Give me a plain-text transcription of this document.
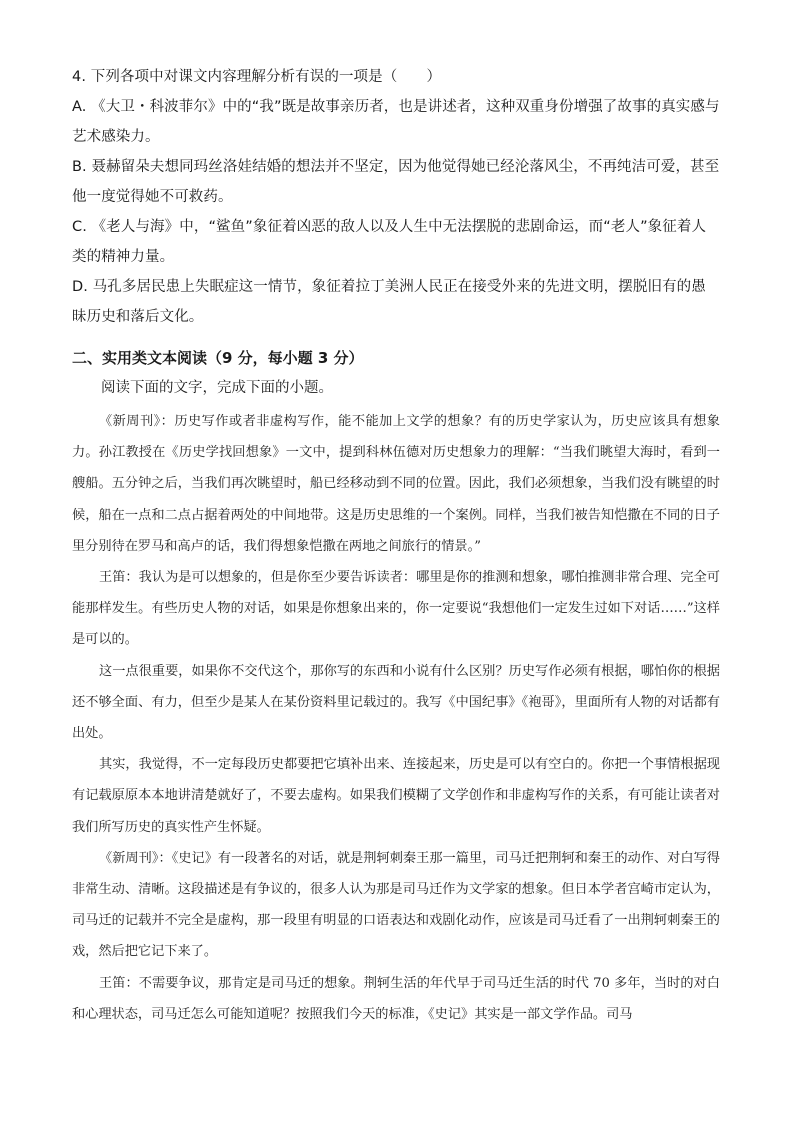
4. 下列各项中对课文内容理解分析有误的一项是（　　）
A. 《大卫・科波菲尔》中的“我”既是故事亲历者，也是讲述者，这种双重身份增强了故事的真实感与艺术感染力。
B. 聂赫留朵夫想同玛丝洛娃结婚的想法并不坚定，因为他觉得她已经沦落风尘，不再纯洁可爱，甚至他一度觉得她不可救药。
C. 《老人与海》中，“鲨鱼”象征着凶恶的敌人以及人生中无法摆脱的悲剧命运，而“老人”象征着人类的精神力量。
D. 马孔多居民患上失眠症这一情节，象征着拉丁美洲人民正在接受外来的先进文明，摆脱旧有的愚昧历史和落后文化。
二、实用类文本阅读（9 分，每小题 3 分）
阅读下面的文字，完成下面的小题。

《新周刊》：历史写作或者非虚构写作，能不能加上文学的想象？有的历史学家认为，历史应该具有想象力。孙江教授在《历史学找回想象》一文中，提到科林伍德对历史想象力的理解：“当我们眺望大海时，看到一艘船。五分钟之后，当我们再次眺望时，船已经移动到不同的位置。因此，我们必须想象，当我们没有眺望的时候，船在一点和二点占据着两处的中间地带。这是历史思维的一个案例。同样，当我们被告知恺撒在不同的日子里分别待在罗马和高卢的话，我们得想象恺撒在两地之间旅行的情景。”

王笛：我认为是可以想象的，但是你至少要告诉读者：哪里是你的推测和想象，哪怕推测非常合理、完全可能那样发生。有些历史人物的对话，如果是你想象出来的，你一定要说“我想他们一定发生过如下对话……”这样是可以的。

这一点很重要，如果你不交代这个，那你写的东西和小说有什么区别？历史写作必须有根据，哪怕你的根据还不够全面、有力，但至少是某人在某份资料里记载过的。我写《中国纪事》《袍哥》，里面所有人物的对话都有出处。

其实，我觉得，不一定每段历史都要把它填补出来、连接起来，历史是可以有空白的。你把一个事情根据现有记载原原本本地讲清楚就好了，不要去虚构。如果我们模糊了文学创作和非虚构写作的关系，有可能让读者对我们所写历史的真实性产生怀疑。

《新周刊》：《史记》有一段著名的对话，就是荆轲刺秦王那一篇里，司马迁把荆轲和秦王的动作、对白写得非常生动、清晰。这段描述是有争议的，很多人认为那是司马迁作为文学家的想象。但日本学者宫崎市定认为，司马迁的记载并不完全是虚构，那一段里有明显的口语表达和戏剧化动作，应该是司马迁看了一出荆轲刺秦王的戏，然后把它记下来了。

王笛：不需要争议，那肯定是司马迁的想象。荆轲生活的年代早于司马迁生活的时代 70 多年，当时的对白和心理状态，司马迁怎么可能知道呢？按照我们今天的标准，《史记》其实是一部文学作品。司马
